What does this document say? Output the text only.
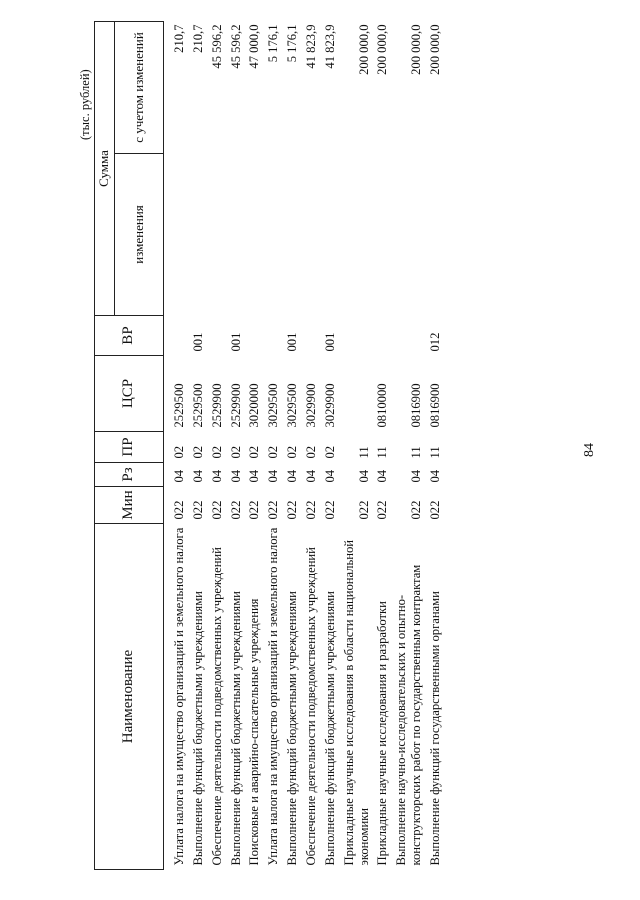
84
(тыс. рублей)
Наименование	Мин	Рз	ПР	ЦСР	ВР	Сумма	
						изменения	с учетом изменений

Уплата налога на имущество организаций и земельного налога	022	04	02	2529500			210,7
Выполнение функций бюджетными учреждениями	022	04	02	2529500	001		210,7
Обеспечение деятельности подведомственных учреждений	022	04	02	2529900			45 596,2
Выполнение функций бюджетными учреждениями	022	04	02	2529900	001		45 596,2
Поисковые и аварийно-спасательные учреждения	022	04	02	3020000			47 000,0
Уплата налога на имущество организаций и земельного налога	022	04	02	3029500			5 176,1
Выполнение функций бюджетными учреждениями	022	04	02	3029500	001		5 176,1
Обеспечение деятельности подведомственных учреждений	022	04	02	3029900			41 823,9
Выполнение функций бюджетными учреждениями	022	04	02	3029900	001		41 823,9
Прикладные научные исследования в области национальной экономики	022	04	11				200 000,0
Прикладные научные исследования и разработки	022	04	11	0810000			200 000,0
Выполнение научно-исследовательских и опытно-конструкторских работ по государственным контрактам	022	04	11	0816900			200 000,0
Выполнение функций государственными органами	022	04	11	0816900	012		200 000,0
